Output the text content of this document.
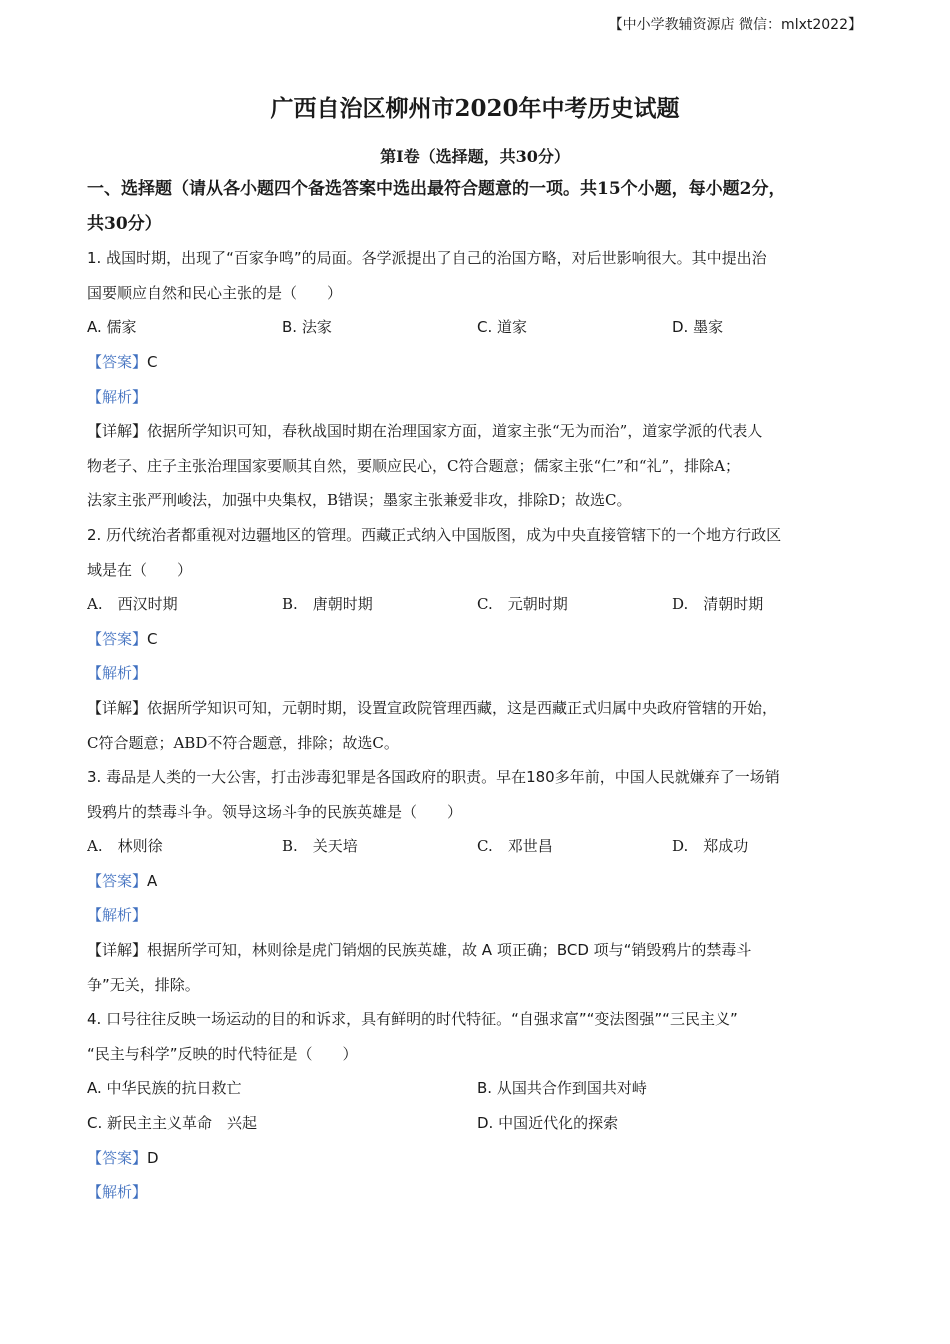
【中小学教辅资源店 微信：mlxt2022】
广西自治区柳州市2020年中考历史试题
第Ⅰ卷（选择题，共30分）
一、选择题（请从各小题四个备选答案中选出最符合题意的一项。共15个小题，每小题2分，
共30分）
1. 战国时期，出现了“百家争鸣”的局面。各学派提出了自己的治国方略，对后世影响很大。其中提出治
国要顺应自然和民心主张的是（　　）
A. 儒家	B. 法家	C. 道家	D. 墨家
【答案】C
【解析】
【详解】依据所学知识可知，春秋战国时期在治理国家方面，道家主张“无为而治”，道家学派的代表人
物老子、庄子主张治理国家要顺其自然，要顺应民心，C符合题意；儒家主张“仁”和“礼”，排除A；
法家主张严刑峻法，加强中央集权，B错误；墨家主张兼爱非攻，排除D；故选C。
2. 历代统治者都重视对边疆地区的管理。西藏正式纳入中国版图，成为中央直接管辖下的一个地方行政区
域是在（　　）
A.　西汉时期	B.　唐朝时期	C.　元朝时期	D.　清朝时期
【答案】C
【解析】
【详解】依据所学知识可知，元朝时期，设置宣政院管理西藏，这是西藏正式归属中央政府管辖的开始，
C符合题意；ABD不符合题意，排除；故选C。
3. 毒品是人类的一大公害，打击涉毒犯罪是各国政府的职责。早在180多年前，中国人民就嫌弃了一场销
毁鸦片的禁毒斗争。领导这场斗争的民族英雄是（　　）
A.　林则徐	B.　关天培	C.　邓世昌	D.　郑成功
【答案】A
【解析】
【详解】根据所学可知，林则徐是虎门销烟的民族英雄，故 A 项正确；BCD 项与“销毁鸦片的禁毒斗
争”无关，排除。
4. 口号往往反映一场运动的目的和诉求，具有鲜明的时代特征。“自强求富”“变法图强”“三民主义”
“民主与科学”反映的时代特征是（　　）
A. 中华民族的抗日救亡	B. 从国共合作到国共对峙
C. 新民主主义革命　兴起	D. 中国近代化的探索
【答案】D
【解析】
